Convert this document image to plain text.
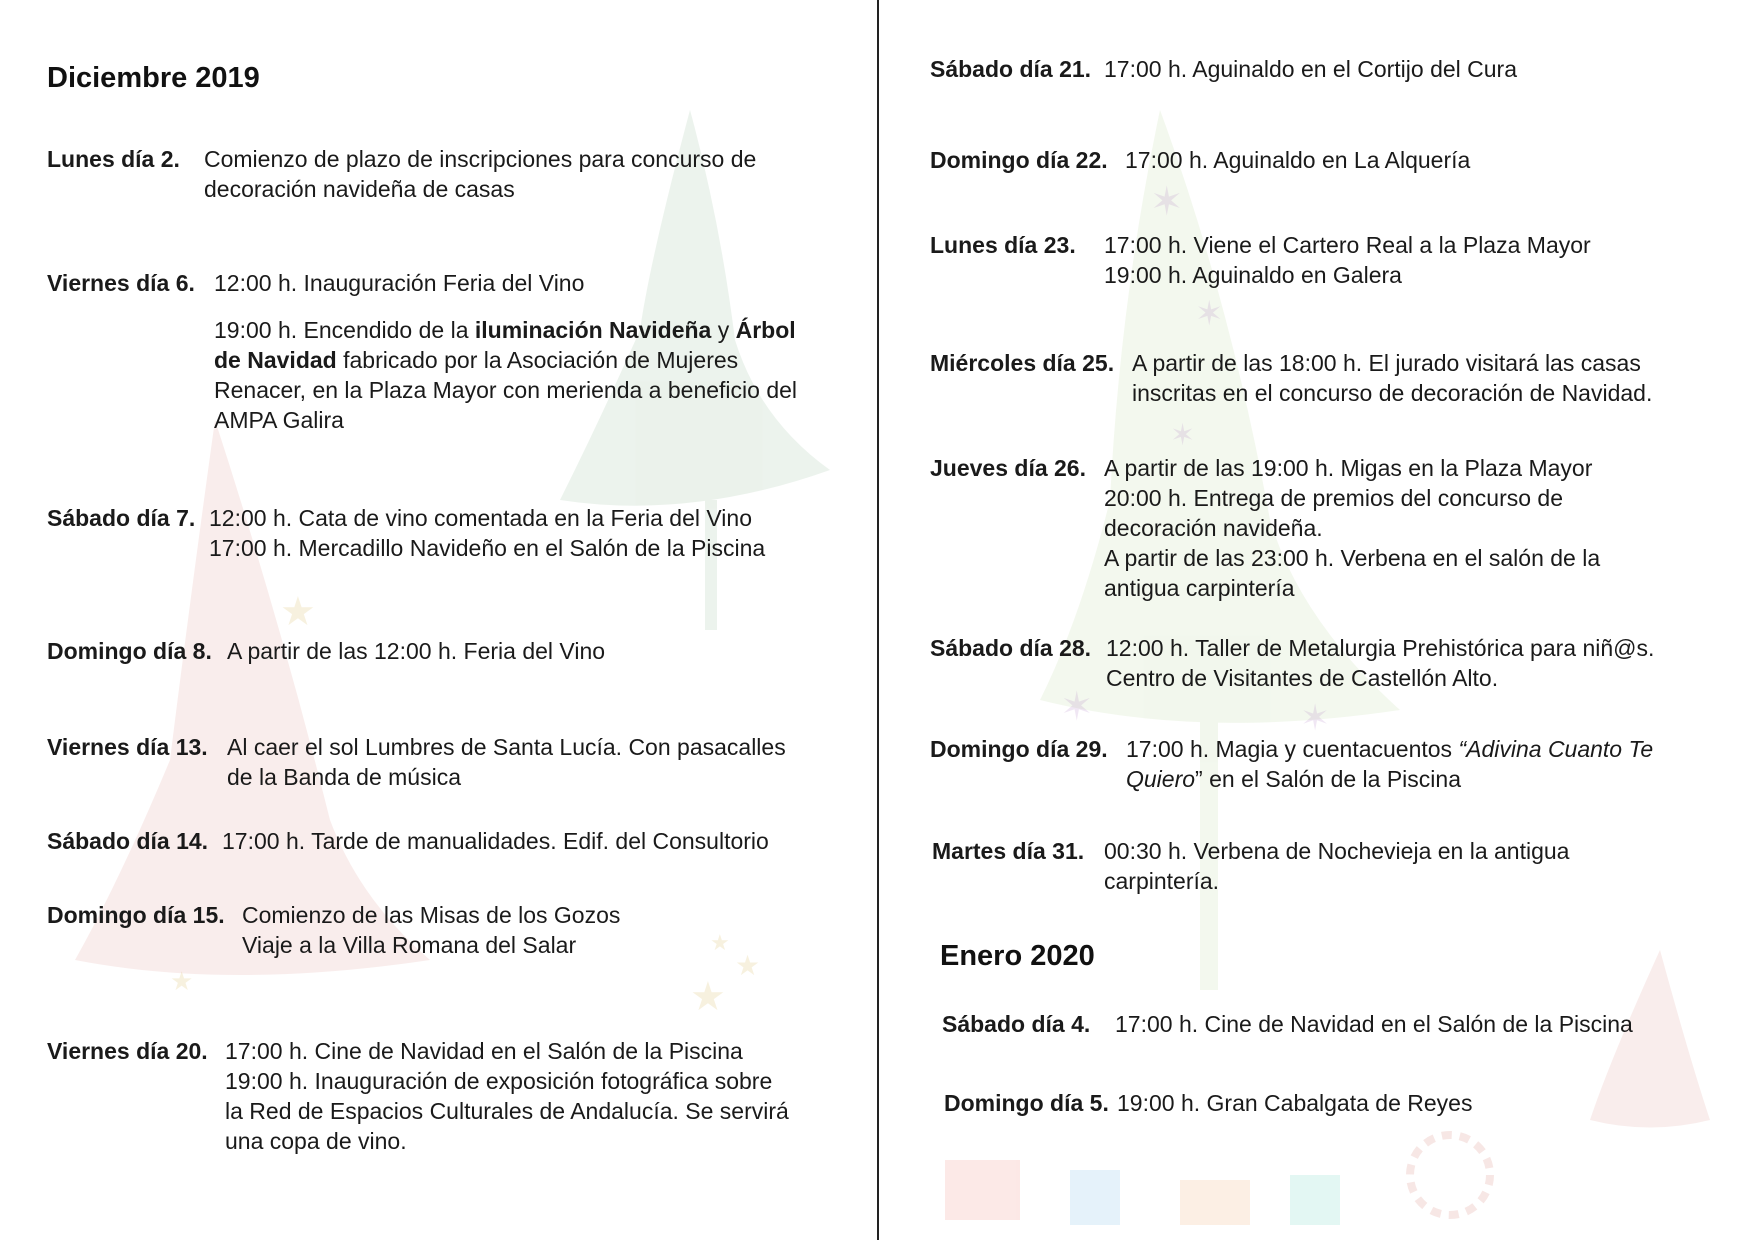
★
★
★
★
★
✶
✶
✶
✶	✶
Diciembre 2019
Enero 2020
Lunes día 2. Comienzo de plazo de inscripciones para concurso de
decoración navideña de casas
Viernes día 6. 12:00 h. Inauguración Feria del Vino
19:00 h. Encendido de la iluminación Navideña y Árbol
de Navidad fabricado por la Asociación de Mujeres
Renacer, en la Plaza Mayor con merienda a beneficio del
AMPA Galira
Sábado día 7. 12:00 h. Cata de vino comentada en la Feria del Vino
17:00 h. Mercadillo Navideño en el Salón de la Piscina
Domingo día 8. A partir de las 12:00 h. Feria del Vino
Viernes día 13. Al caer el sol Lumbres de Santa Lucía. Con pasacalles
de la Banda de música
Sábado día 14. 17:00 h. Tarde de manualidades. Edif. del Consultorio
Domingo día 15. Comienzo de las Misas de los Gozos
Viaje a la Villa Romana del Salar
Viernes día 20. 17:00 h. Cine de Navidad en el Salón de la Piscina
19:00 h. Inauguración de exposición fotográfica sobre
la Red de Espacios Culturales de Andalucía. Se servirá
una copa de vino.
Sábado día 21. 17:00 h. Aguinaldo en el Cortijo del Cura
Domingo día 22. 17:00 h. Aguinaldo en La Alquería
Lunes día 23. 17:00 h. Viene el Cartero Real a la Plaza Mayor
19:00 h. Aguinaldo en Galera
Miércoles día 25. A partir de las 18:00 h. El jurado visitará las casas
inscritas en el concurso de decoración de Navidad.
Jueves día 26. A partir de las 19:00 h. Migas en la Plaza Mayor
20:00 h. Entrega de premios del concurso de
decoración navideña.
A partir de las 23:00 h. Verbena en el salón de la
antigua carpintería
Sábado día 28. 12:00 h. Taller de Metalurgia Prehistórica para niñ@s.
Centro de Visitantes de Castellón Alto.
Domingo día 29. 17:00 h. Magia y cuentacuentos “Adivina Cuanto Te
Quiero” en el Salón de la Piscina
Martes día 31. 00:30 h. Verbena de Nochevieja en la antigua
carpintería.
Sábado día 4. 17:00 h. Cine de Navidad en el Salón de la Piscina
Domingo día 5. 19:00 h. Gran Cabalgata de Reyes
